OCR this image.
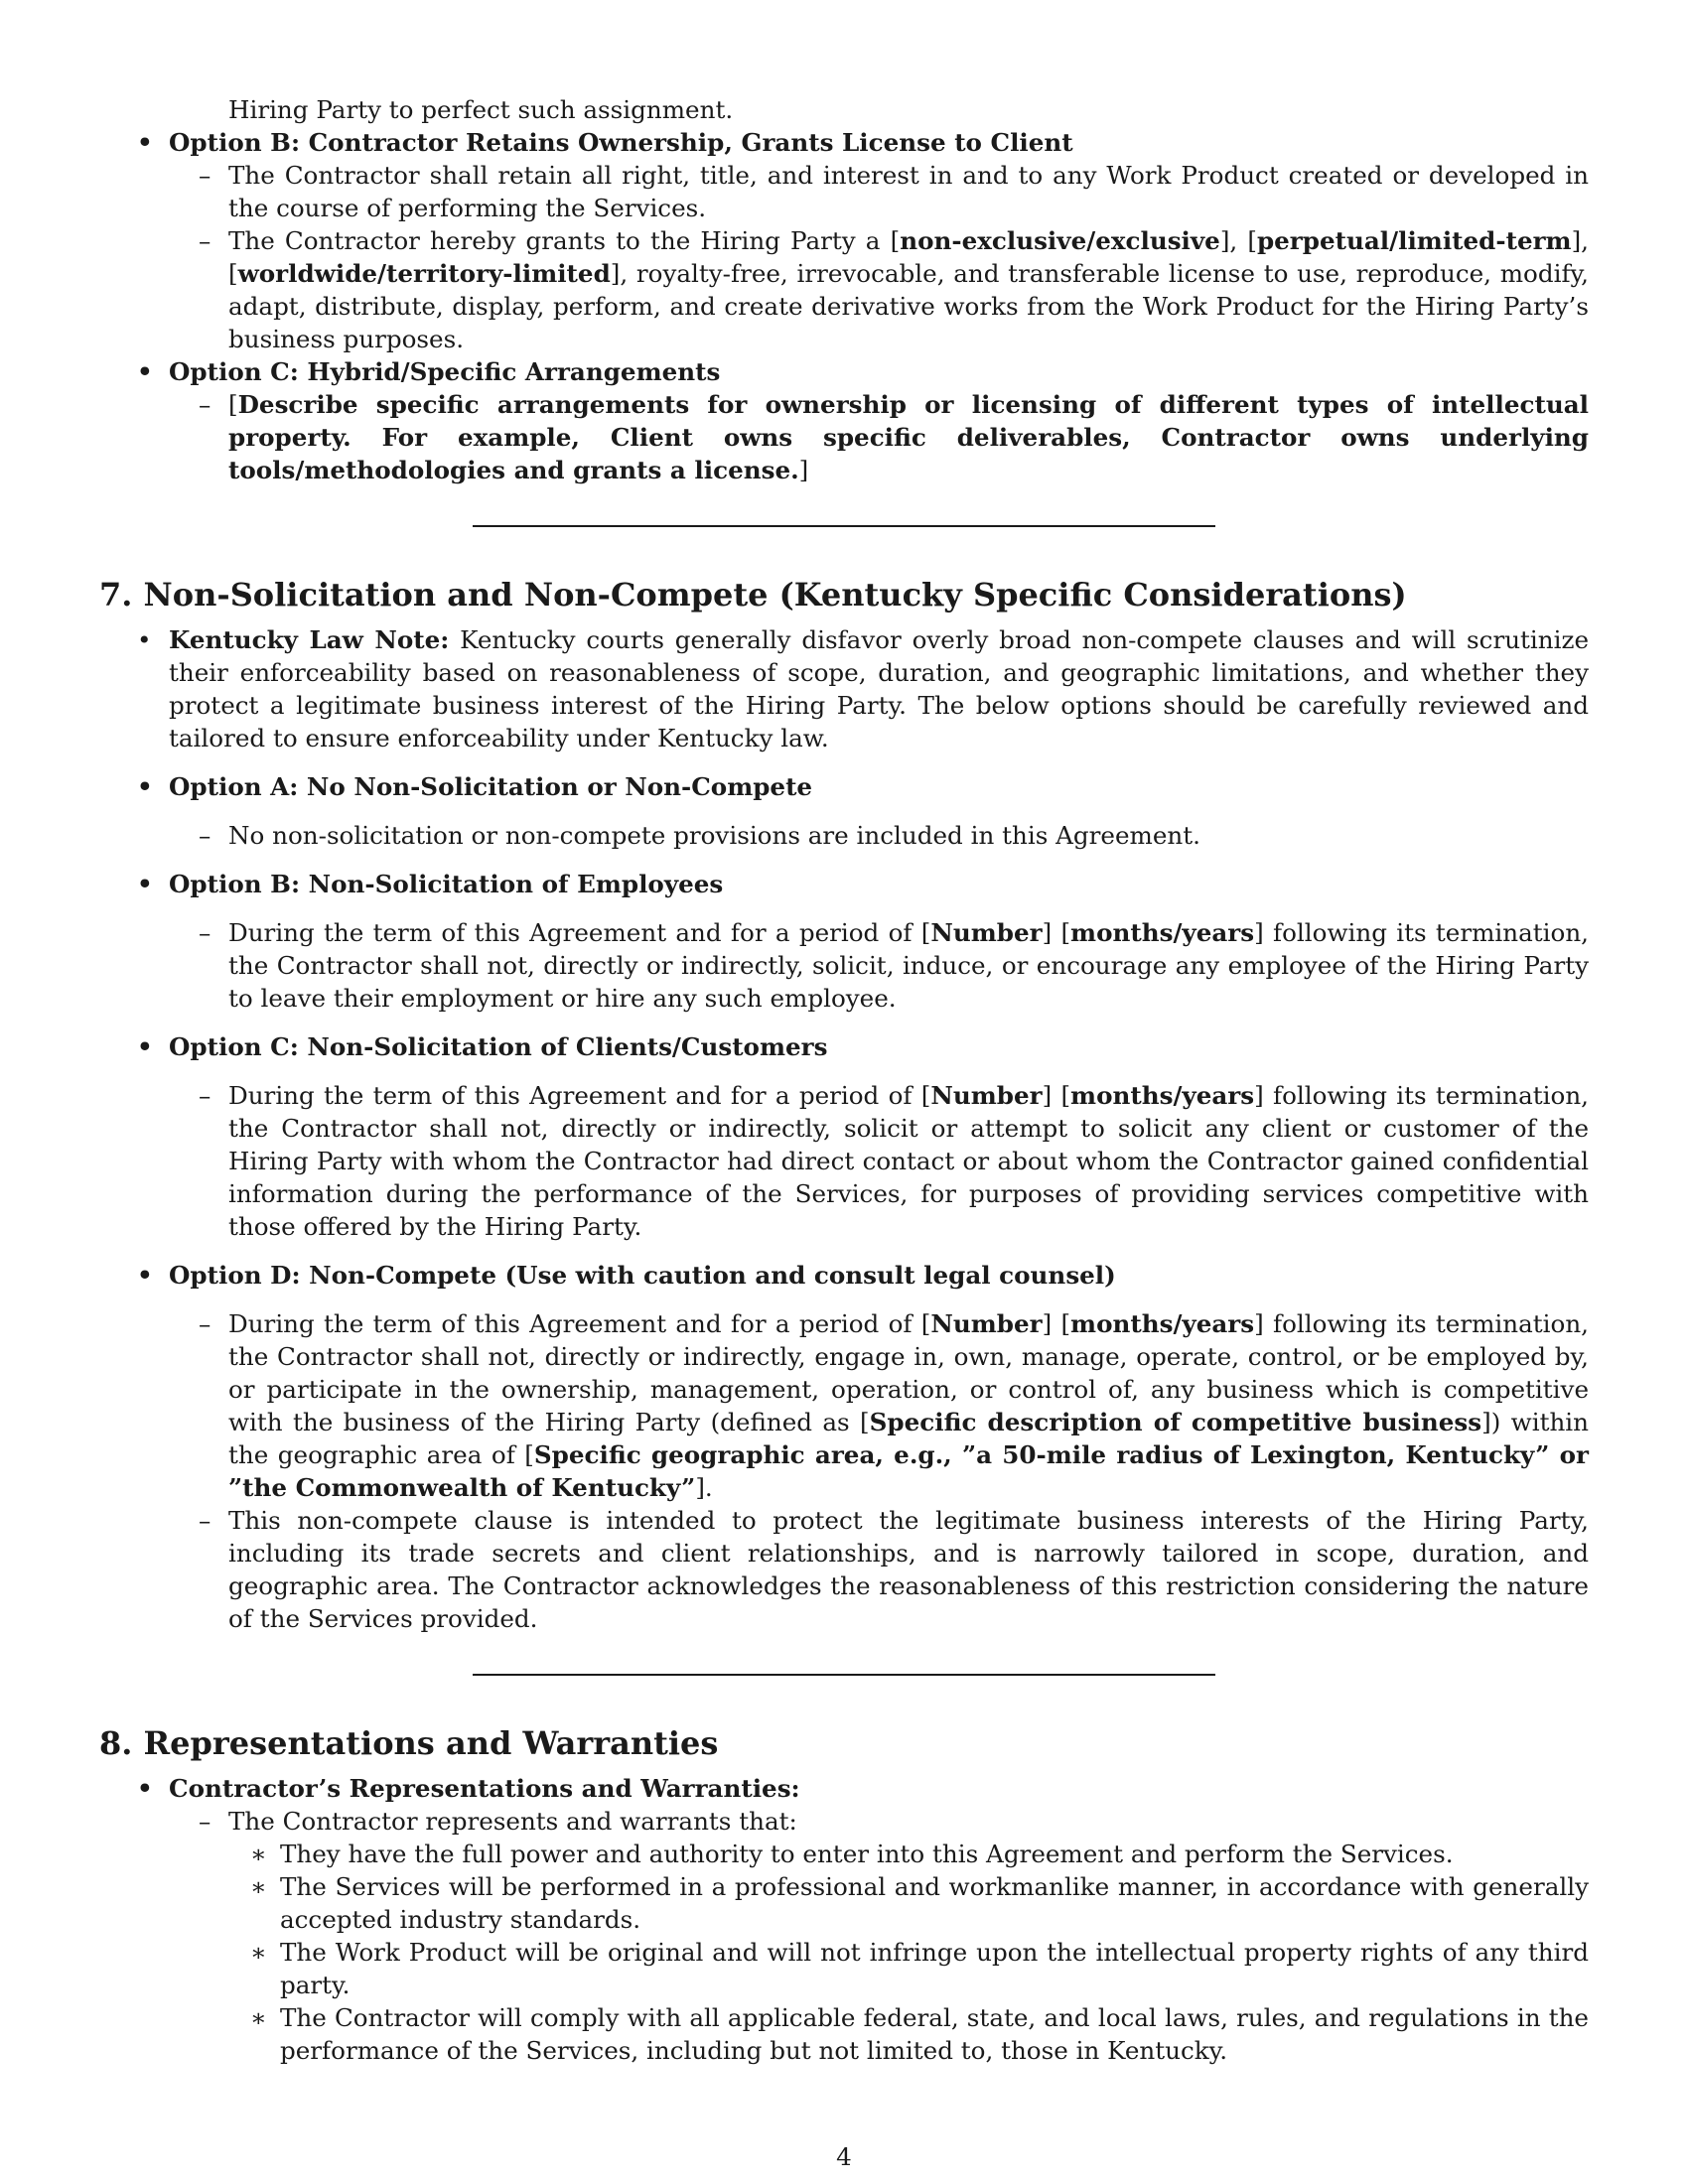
Hiring Party to perfect such assignment.
• Option B: Contractor Retains Ownership, Grants License to Client
– The Contractor shall retain all right, title, and interest in and to any Work Product created or developed in the course of performing the Services.
– The Contractor hereby grants to the Hiring Party a [non-exclusive/exclusive], [perpetual/limited-term], [worldwide/territory-limited], royalty-free, irrevocable, and transferable license to use, reproduce, modify, adapt, distribute, display, perform, and create derivative works from the Work Product for the Hiring Party’s business purposes.
• Option C: Hybrid/Specific Arrangements
– [Describe specific arrangements for ownership or licensing of different types of intellectual property. For example, Client owns specific deliverables, Contractor owns underlying tools/methodologies and grants a license.]
7. Non-Solicitation and Non-Compete (Kentucky Specific Considerations)
• Kentucky Law Note: Kentucky courts generally disfavor overly broad non-compete clauses and will scrutinize their enforceability based on reasonableness of scope, duration, and geographic limitations, and whether they protect a legitimate business interest of the Hiring Party. The below options should be carefully reviewed and tailored to ensure enforceability under Kentucky law.
• Option A: No Non-Solicitation or Non-Compete
– No non-solicitation or non-compete provisions are included in this Agreement.
• Option B: Non-Solicitation of Employees
– During the term of this Agreement and for a period of [Number] [months/years] following its termination, the Contractor shall not, directly or indirectly, solicit, induce, or encourage any employee of the Hiring Party to leave their employment or hire any such employee.
• Option C: Non-Solicitation of Clients/Customers
– During the term of this Agreement and for a period of [Number] [months/years] following its termination, the Contractor shall not, directly or indirectly, solicit or attempt to solicit any client or customer of the Hiring Party with whom the Contractor had direct contact or about whom the Contractor gained confidential information during the performance of the Services, for purposes of providing services competitive with those offered by the Hiring Party.
• Option D: Non-Compete (Use with caution and consult legal counsel)
– During the term of this Agreement and for a period of [Number] [months/years] following its termination, the Contractor shall not, directly or indirectly, engage in, own, manage, operate, control, or be employed by, or participate in the ownership, management, operation, or control of, any business which is competitive with the business of the Hiring Party (defined as [Specific description of competitive business]) within the geographic area of [Specific geographic area, e.g., ”a 50-mile radius of Lexington, Kentucky” or ”the Commonwealth of Kentucky”].
– This non-compete clause is intended to protect the legitimate business interests of the Hiring Party, including its trade secrets and client relationships, and is narrowly tailored in scope, duration, and geographic area. The Contractor acknowledges the reasonableness of this restriction considering the nature of the Services provided.
8. Representations and Warranties
• Contractor’s Representations and Warranties:
– The Contractor represents and warrants that:
∗ They have the full power and authority to enter into this Agreement and perform the Services.
∗ The Services will be performed in a professional and workmanlike manner, in accordance with generally accepted industry standards.
∗ The Work Product will be original and will not infringe upon the intellectual property rights of any third party.
∗ The Contractor will comply with all applicable federal, state, and local laws, rules, and regulations in the performance of the Services, including but not limited to, those in Kentucky.
4
